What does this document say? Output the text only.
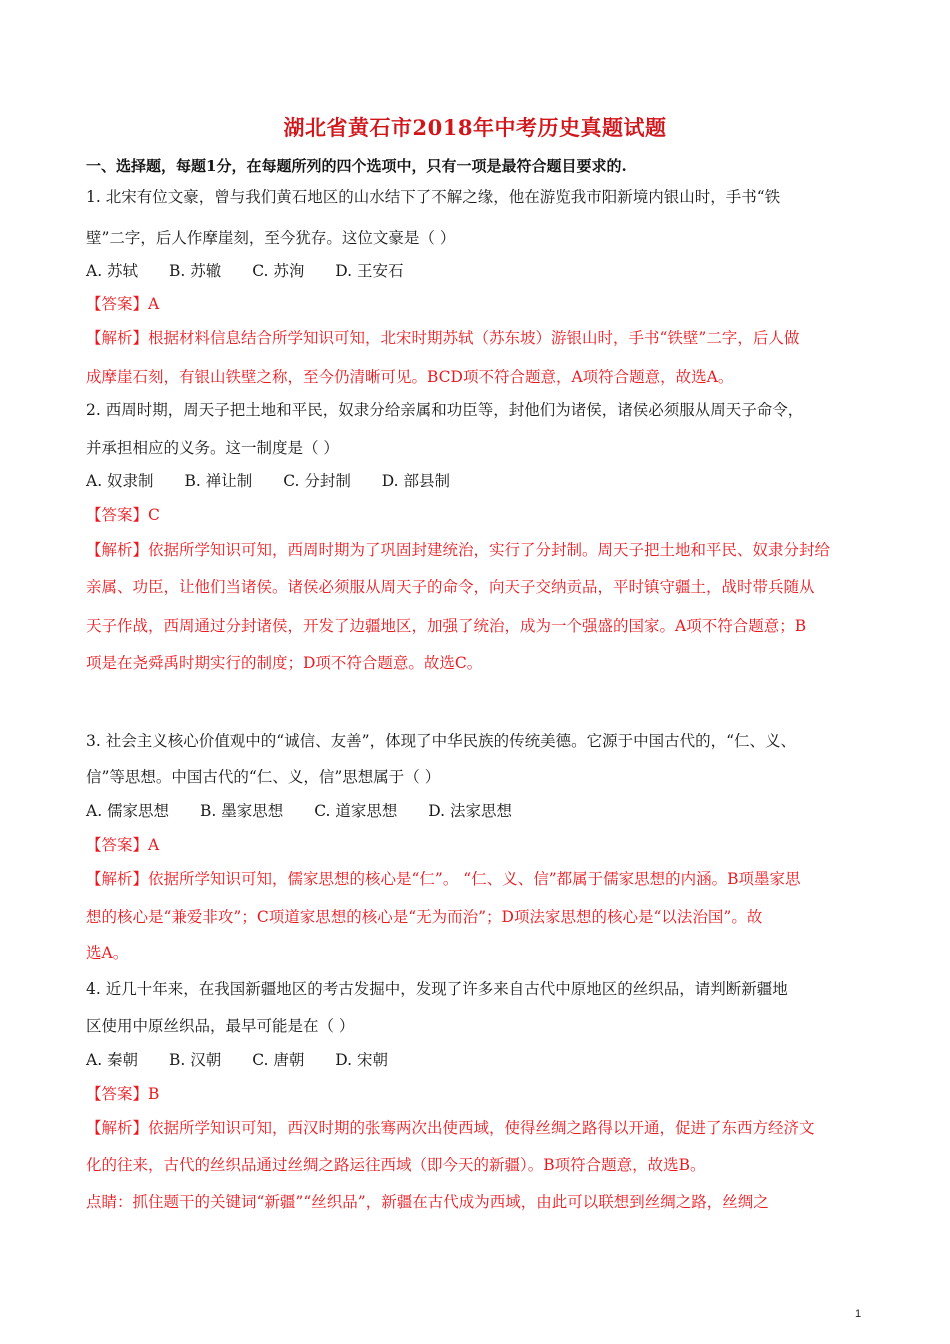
湖北省黄石市2018年中考历史真题试题
一、选择题，每题1分，在每题所列的四个选项中，只有一项是最符合题目要求的.
1. 北宋有位文豪，曾与我们黄石地区的山水结下了不解之缘，他在游览我市阳新境内银山时，手书“铁
壁”二字，后人作摩崖刻，至今犹存。这位文豪是（ ）
A. 苏轼 B. 苏辙 C. 苏洵 D. 王安石
【答案】A
【解析】根据材料信息结合所学知识可知，北宋时期苏轼（苏东坡）游银山时，手书“铁壁”二字，后人做
成摩崖石刻，有银山铁壁之称，至今仍清晰可见。BCD项不符合题意，A项符合题意，故选A。
2. 西周时期，周天子把土地和平民，奴隶分给亲属和功臣等，封他们为诸侯，诸侯必须服从周天子命令，
并承担相应的义务。这一制度是（ ）
A. 奴隶制 B. 禅让制 C. 分封制 D. 部县制
【答案】C
【解析】依据所学知识可知，西周时期为了巩固封建统治，实行了分封制。周天子把土地和平民、奴隶分封给
亲属、功臣，让他们当诸侯。诸侯必须服从周天子的命令，向天子交纳贡品，平时镇守疆土，战时带兵随从
天子作战，西周通过分封诸侯，开发了边疆地区，加强了统治，成为一个强盛的国家。A项不符合题意；B
项是在尧舜禹时期实行的制度；D项不符合题意。故选C。
3. 社会主义核心价值观中的“诚信、友善”，体现了中华民族的传统美德。它源于中国古代的，“仁、义、
信”等思想。中国古代的“仁、义，信”思想属于（ ）
A. 儒家思想 B. 墨家思想 C. 道家思想 D. 法家思想
【答案】A
【解析】依据所学知识可知，儒家思想的核心是“仁”。 “仁、义、信”都属于儒家思想的内涵。B项墨家思
想的核心是“兼爱非攻”；C项道家思想的核心是“无为而治”；D项法家思想的核心是“以法治国”。故
选A。
4. 近几十年来，在我国新疆地区的考古发掘中，发现了许多来自古代中原地区的丝织品，请判断新疆地
区使用中原丝织品，最早可能是在（ ）
A. 秦朝 B. 汉朝 C. 唐朝 D. 宋朝
【答案】B
【解析】依据所学知识可知，西汉时期的张骞两次出使西域，使得丝绸之路得以开通，促进了东西方经济文
化的往来，古代的丝织品通过丝绸之路运往西域（即今天的新疆）。B项符合题意，故选B。
点睛：抓住题干的关键词“新疆”“丝织品”，新疆在古代成为西域，由此可以联想到丝绸之路，丝绸之
1
